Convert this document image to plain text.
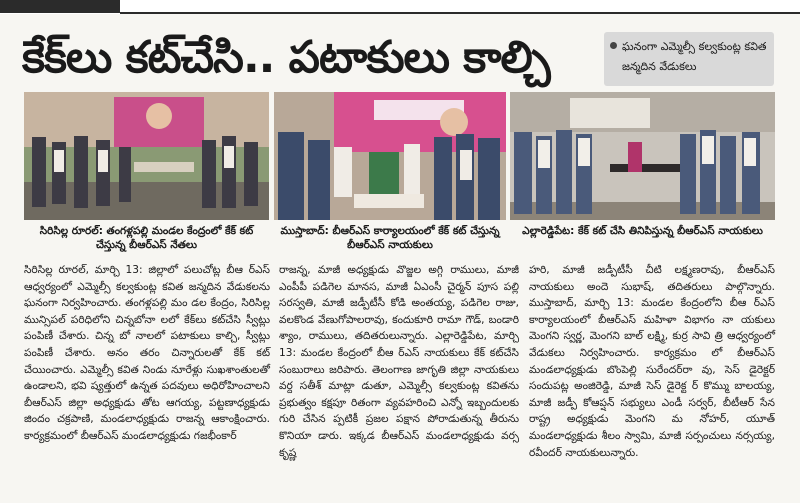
కేక్‌లు కట్‌చేసి.. పటాకులు కాల్చి	ఘనంగా ఎమ్మెల్సీ కల్వకుంట్ల కవిత జన్మదిన వేడుకలు
సిరిసిల్ల రూరల్‌: తంగళ్లపల్లి మండల కేంద్రంలో కేక్‌ కట్‌ చేస్తున్న బీఆర్‌ఎస్‌ నేతలు
ముస్తాబాద్‌: బీఆర్‌ఎస్‌ కార్యాలయంలో కేక్‌ కట్‌ చేస్తున్న బీఆర్‌ఎస్‌ నాయకులు
ఎల్లారెడ్డిపేట: కేక్‌ కట్‌ చేసి తినిపిస్తున్న బీఆర్‌ఎస్‌ నాయకులు

సిరిసిల్ల రూరల్‌, మార్చి 13: జిల్లాలో పలుచోట్ల బీఆ ర్‌ఎస్‌ ఆధ్వర్యంలో ఎమ్మెల్సీ కల్వకుంట్ల కవిత జన్మదిన వేడుకలను ఘనంగా నిర్వహించారు. తంగళ్లపల్లి మం డల కేంద్రం, సిరిసిల్ల మున్సిపల్‌ పరిధిలోని చిన్నబోనా లలో కేక్‌లు కట్‌చేసి స్వీట్లు పంపిణీ చేశారు. చిన్న బో నాలలో పటాకులు కాల్చి, స్వీట్లు పంపిణీ చేశారు. అనం తరం చిన్నారులతో కేక్‌ కట్‌ చేయించారు. ఎమ్మెల్సీ కవిత నిండు నూరేళ్లు సుఖశాంతులతో ఉండాలని, భవి ష్యత్తులో ఉన్నత పదవులు అధిరోహించాలని బీఆర్‌ఎస్‌ జిల్లా అధ్యక్షుడు తోట ఆగయ్య, పట్టణాధ్యక్షుడు జిందం చక్రపాణి, మండలాధ్యక్షుడు రాజన్న ఆకాంక్షించారు. కార్యక్రమంలో బీఆర్‌ఎస్‌ మండలాధ్యక్షుడు గజభీంకార్‌

రాజన్న, మాజీ అధ్యక్షుడు వొజ్జల అగ్గి రాములు, మాజీ ఎంపీపీ పడిగెల మానస, మాజీ ఏఎంసీ చైర్మన్‌ పూస పల్లి సరస్వతి, మాజీ జడ్పీటీసీ కోడి అంతయ్య, పడిగెల రాజు, వలకొండ వేణుగోపాలరావు, కందుకూరి రామా గౌడ్‌, బండారి శ్యాం, రాములు, తదితరులున్నారు. ఎల్లారెడ్డిపేట, మార్చి 13: మండల కేంద్రంలో బీఆ ర్‌ఎస్‌ నాయకులు కేక్‌ కట్‌చేసి సంబురాలు జరిపారు. తెలంగాణ జాగృతి జిల్లా నాయకులు వర్ద సతీశ్‌ మాట్లా డుతూ, ఎమ్మెల్సీ కల్వకుంట్ల కవితను ప్రభుత్వం కక్షపూ రితంగా వ్యవహరించి ఎన్నో ఇబ్బందులకు గురి చేసిన ప్పటికీ ప్రజల పక్షాన పోరాడుతున్న తీరును కొనియా డారు. ఇక్కడ బీఆర్‌ఎస్‌ మండలాధ్యక్షుడు వర్స కృష్ణ

హరి, మాజీ జడ్పీటీసీ చీటి లక్ష్మణరావు, బీఆర్‌ఎస్‌ నాయకులు అందె సుభాష్‌, తదితరులు పాల్గొన్నారు. ముస్తాబాద్‌, మార్చి 13: మండల కేంద్రంలోని బీఆ ర్‌ఎస్‌ కార్యాలయంలో బీఆర్‌ఎస్‌ మహిళా విభాగం నా యకులు మెంగని స్వర్ణ, మెంగని బాల్‌ లక్ష్మి, కుర్ర సావి త్రి ఆధ్వర్యంలో వేడుకలు నిర్వహించారు. కార్యక్రమం లో బీఆర్‌ఎస్‌ మండలాధ్యక్షుడు బొంపెల్లి సురేందర్‌రా వు, సెస్‌ డైరెక్టర్‌ సందుపట్ల అంజిరెడ్డి, మాజీ సెస్‌ డైరెక్ట ర్‌ కొమ్ము బాలయ్య, మాజీ జడ్పీ కోఆప్షన్‌ సభ్యులు ఎండీ సర్వర్‌, బీటీఆర్‌ సేన రాష్ట్ర అధ్యక్షుడు మెంగని మ నోహర్‌, యూత్‌ మండలాధ్యక్షుడు శీలం స్వామి, మాజీ సర్పంచులు నర్సయ్య, రవీందర్‌ నాయకులున్నారు.
